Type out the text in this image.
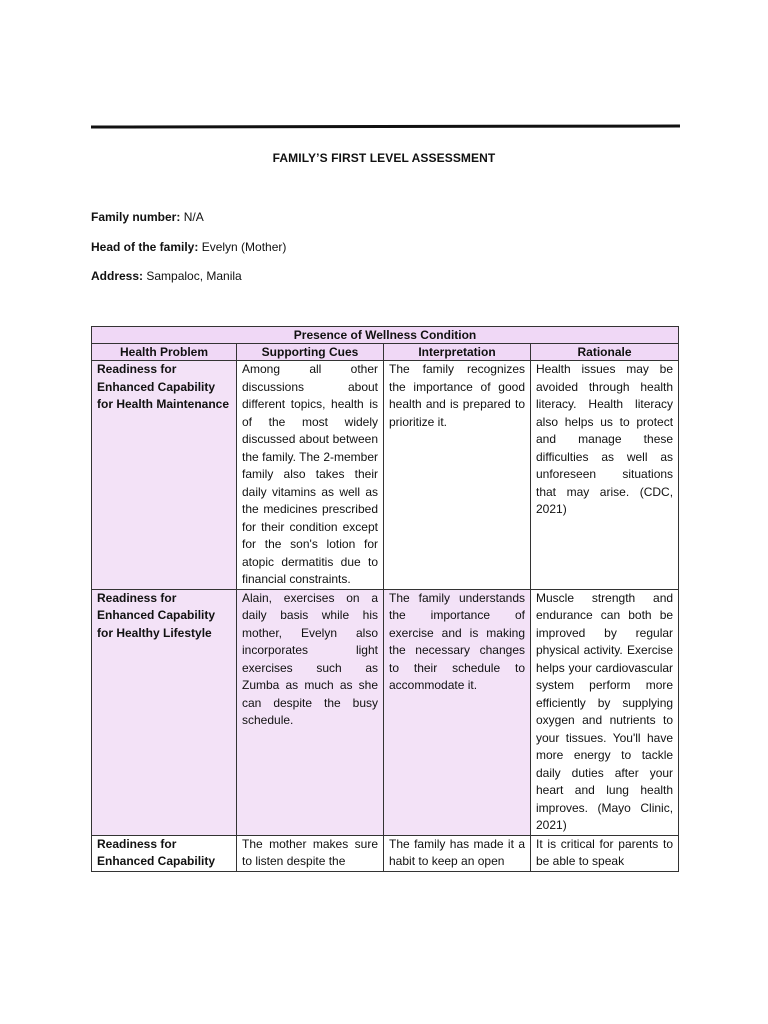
FAMILY’S FIRST LEVEL ASSESSMENT
Family number: N/A
Head of the family: Evelyn (Mother)
Address: Sampaloc, Manila
Presence of Wellness Condition			
Health Problem	Supporting Cues	Interpretation	Rationale
Readiness for Enhanced Capability for Health Maintenance	Among all other discussions about different topics, health is of the most widely discussed about between the family. The 2-member family also takes their daily vitamins as well as the medicines prescribed for their condition except for the son's lotion for atopic dermatitis due to financial constraints.	The family recognizes the importance of good health and is prepared to prioritize it.	Health issues may be avoided through health literacy. Health literacy also helps us to protect and manage these difficulties as well as unforeseen situations that may arise. (CDC, 2021)
Readiness for Enhanced Capability for Healthy Lifestyle	Alain, exercises on a daily basis while his mother, Evelyn also incorporates light exercises such as Zumba as much as she can despite the busy schedule.	The family understands the importance of exercise and is making the necessary changes to their schedule to accommodate it.	Muscle strength and endurance can both be improved by regular physical activity. Exercise helps your cardiovascular system perform more efficiently by supplying oxygen and nutrients to your tissues. You'll have more energy to tackle daily duties after your heart and lung health improves. (Mayo Clinic, 2021)
Readiness for Enhanced Capability	The mother makes sure to listen despite the	The family has made it a habit to keep an open	It is critical for parents to be able to speak
